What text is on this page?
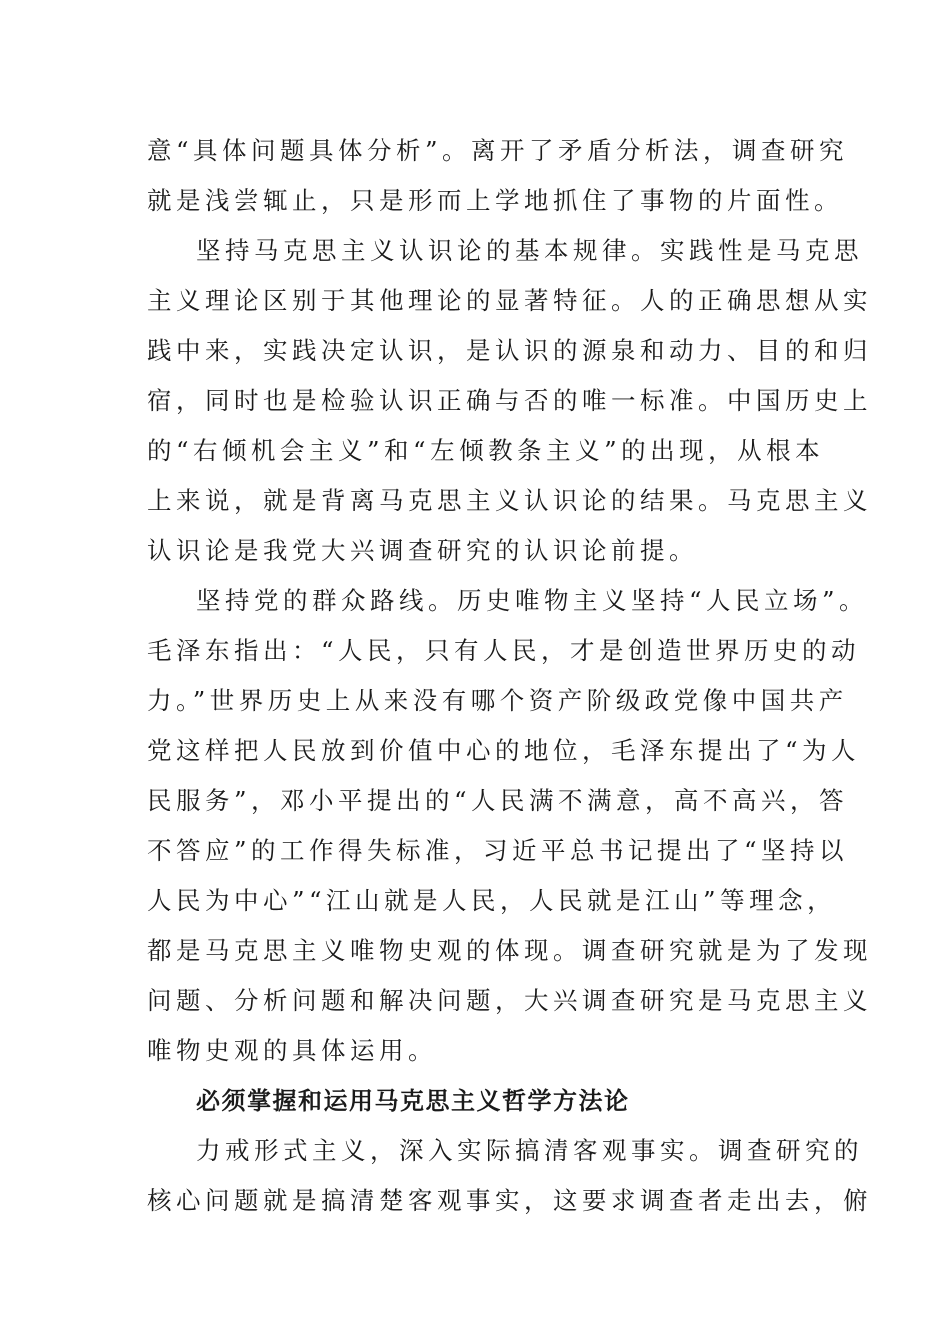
意“具体问题具体分析”。离开了矛盾分析法，调查研究
就是浅尝辄止，只是形而上学地抓住了事物的片面性。
坚持马克思主义认识论的基本规律。实践性是马克思
主义理论区别于其他理论的显著特征。人的正确思想从实
践中来，实践决定认识，是认识的源泉和动力、目的和归
宿，同时也是检验认识正确与否的唯一标准。中国历史上
的“右倾机会主义”和“左倾教条主义”的出现，从根本
上来说，就是背离马克思主义认识论的结果。马克思主义
认识论是我党大兴调查研究的认识论前提。
坚持党的群众路线。历史唯物主义坚持“人民立场”。
毛泽东指出：“人民，只有人民，才是创造世界历史的动
力。”世界历史上从来没有哪个资产阶级政党像中国共产
党这样把人民放到价值中心的地位，毛泽东提出了“为人
民服务”，邓小平提出的“人民满不满意，高不高兴，答
不答应”的工作得失标准，习近平总书记提出了“坚持以
人民为中心”“江山就是人民，人民就是江山”等理念，
都是马克思主义唯物史观的体现。调查研究就是为了发现
问题、分析问题和解决问题，大兴调查研究是马克思主义
唯物史观的具体运用。
必须掌握和运用马克思主义哲学方法论
力戒形式主义，深入实际搞清客观事实。调查研究的
核心问题就是搞清楚客观事实，这要求调查者走出去，俯
